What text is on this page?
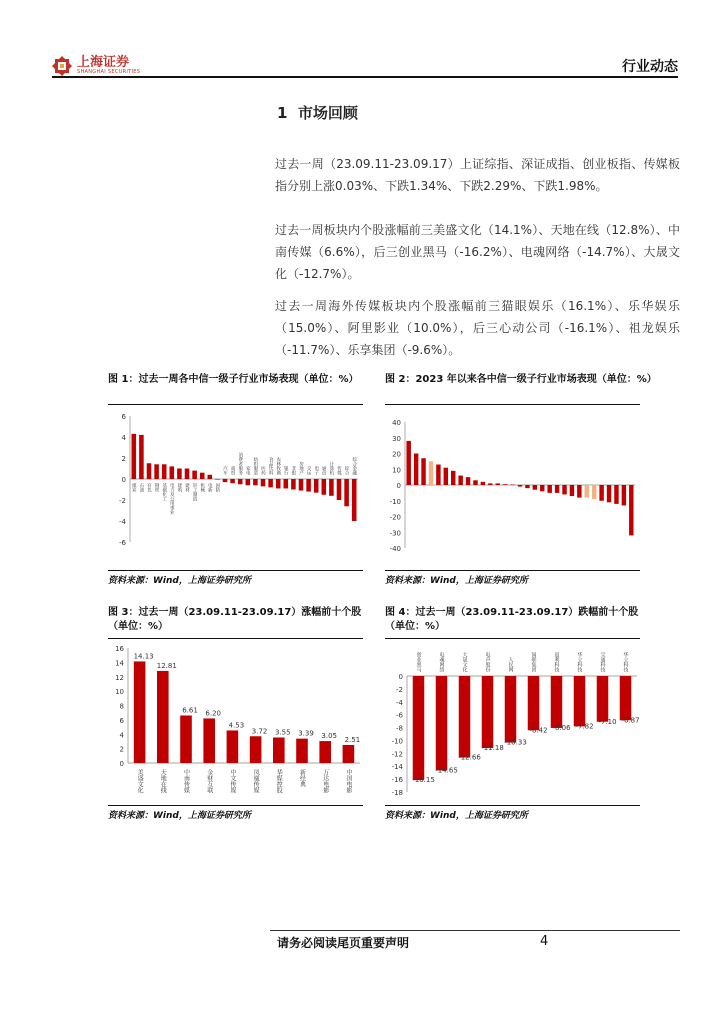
上海证券
SHANGHAI SECURITIES	行业动态
1 市场回顾
过去一周（23.09.11-23.09.17）上证综指、深证成指、创业板指、传媒板指分别上涨0.03%、下跌1.34%、下跌2.29%、下跌1.98%。
过去一周板块内个股涨幅前三美盛文化（14.1%）、天地在线（12.8%）、中南传媒（6.6%），后三创业黑马（-16.2%）、电魂网络（-14.7%）、大晟文化（-12.7%）。
过去一周海外传媒板块内个股涨幅前三猫眼娱乐（16.1%）、乐华娱乐（15.0%）、阿里影业（10.0%），后三心动公司（-16.1%）、祖龙娱乐（-11.7%）、乐享集团（-9.6%）。
图 1：过去一周各中信一级子行业市场表现（单位：%）
6
4
2
0
-2
-4
-6
煤炭 石油 有色 钢铁 基础化工 电力及公用事业 建筑 建材 轻工制造 机械 电新 国防
汽车 商贸 消费者服务 家电 纺织服装 医药 食品饮料 农林牧渔 银行 非银 房地产 交运 电子 通信 计算机 传媒 综合 综合金融
资料来源：Wind，上海证券研究所
图 2：2023 年以来各中信一级子行业市场表现（单位：%）
40
30
20
10
0
-10
-20
-30
-40
资料来源：Wind，上海证券研究所
图 3：过去一周（23.09.11-23.09.17）涨幅前十个股（单位：%）
16
14
12
10
8
6
4
2
0
14.13
美盛文化
12.81
天地在线
6.61
中南传媒
6.20
金财互联
4.53
中文传媒
3.72
凤凰传媒
3.55
华媒控股
3.39
新经典
3.05
万达电影
2.51
中国电影
资料来源：Wind，上海证券研究所
图 4：过去一周（23.09.11-23.09.17）跌幅前十个股（单位：%）
0
-2
-4
-6
-8
-10
-12
-14
-16
-18
-16.15
创业黑马
-14.65
电魂网络
-12.66
大晟文化
-11.18
电声股份
-10.33
人民网
-8.42
国联集团
-8.06
返利科技
-7.82
华立科技
-7.10
宝通科技
-6.87
华立科技
资料来源：Wind，上海证券研究所
请务必阅读尾页重要声明	4
